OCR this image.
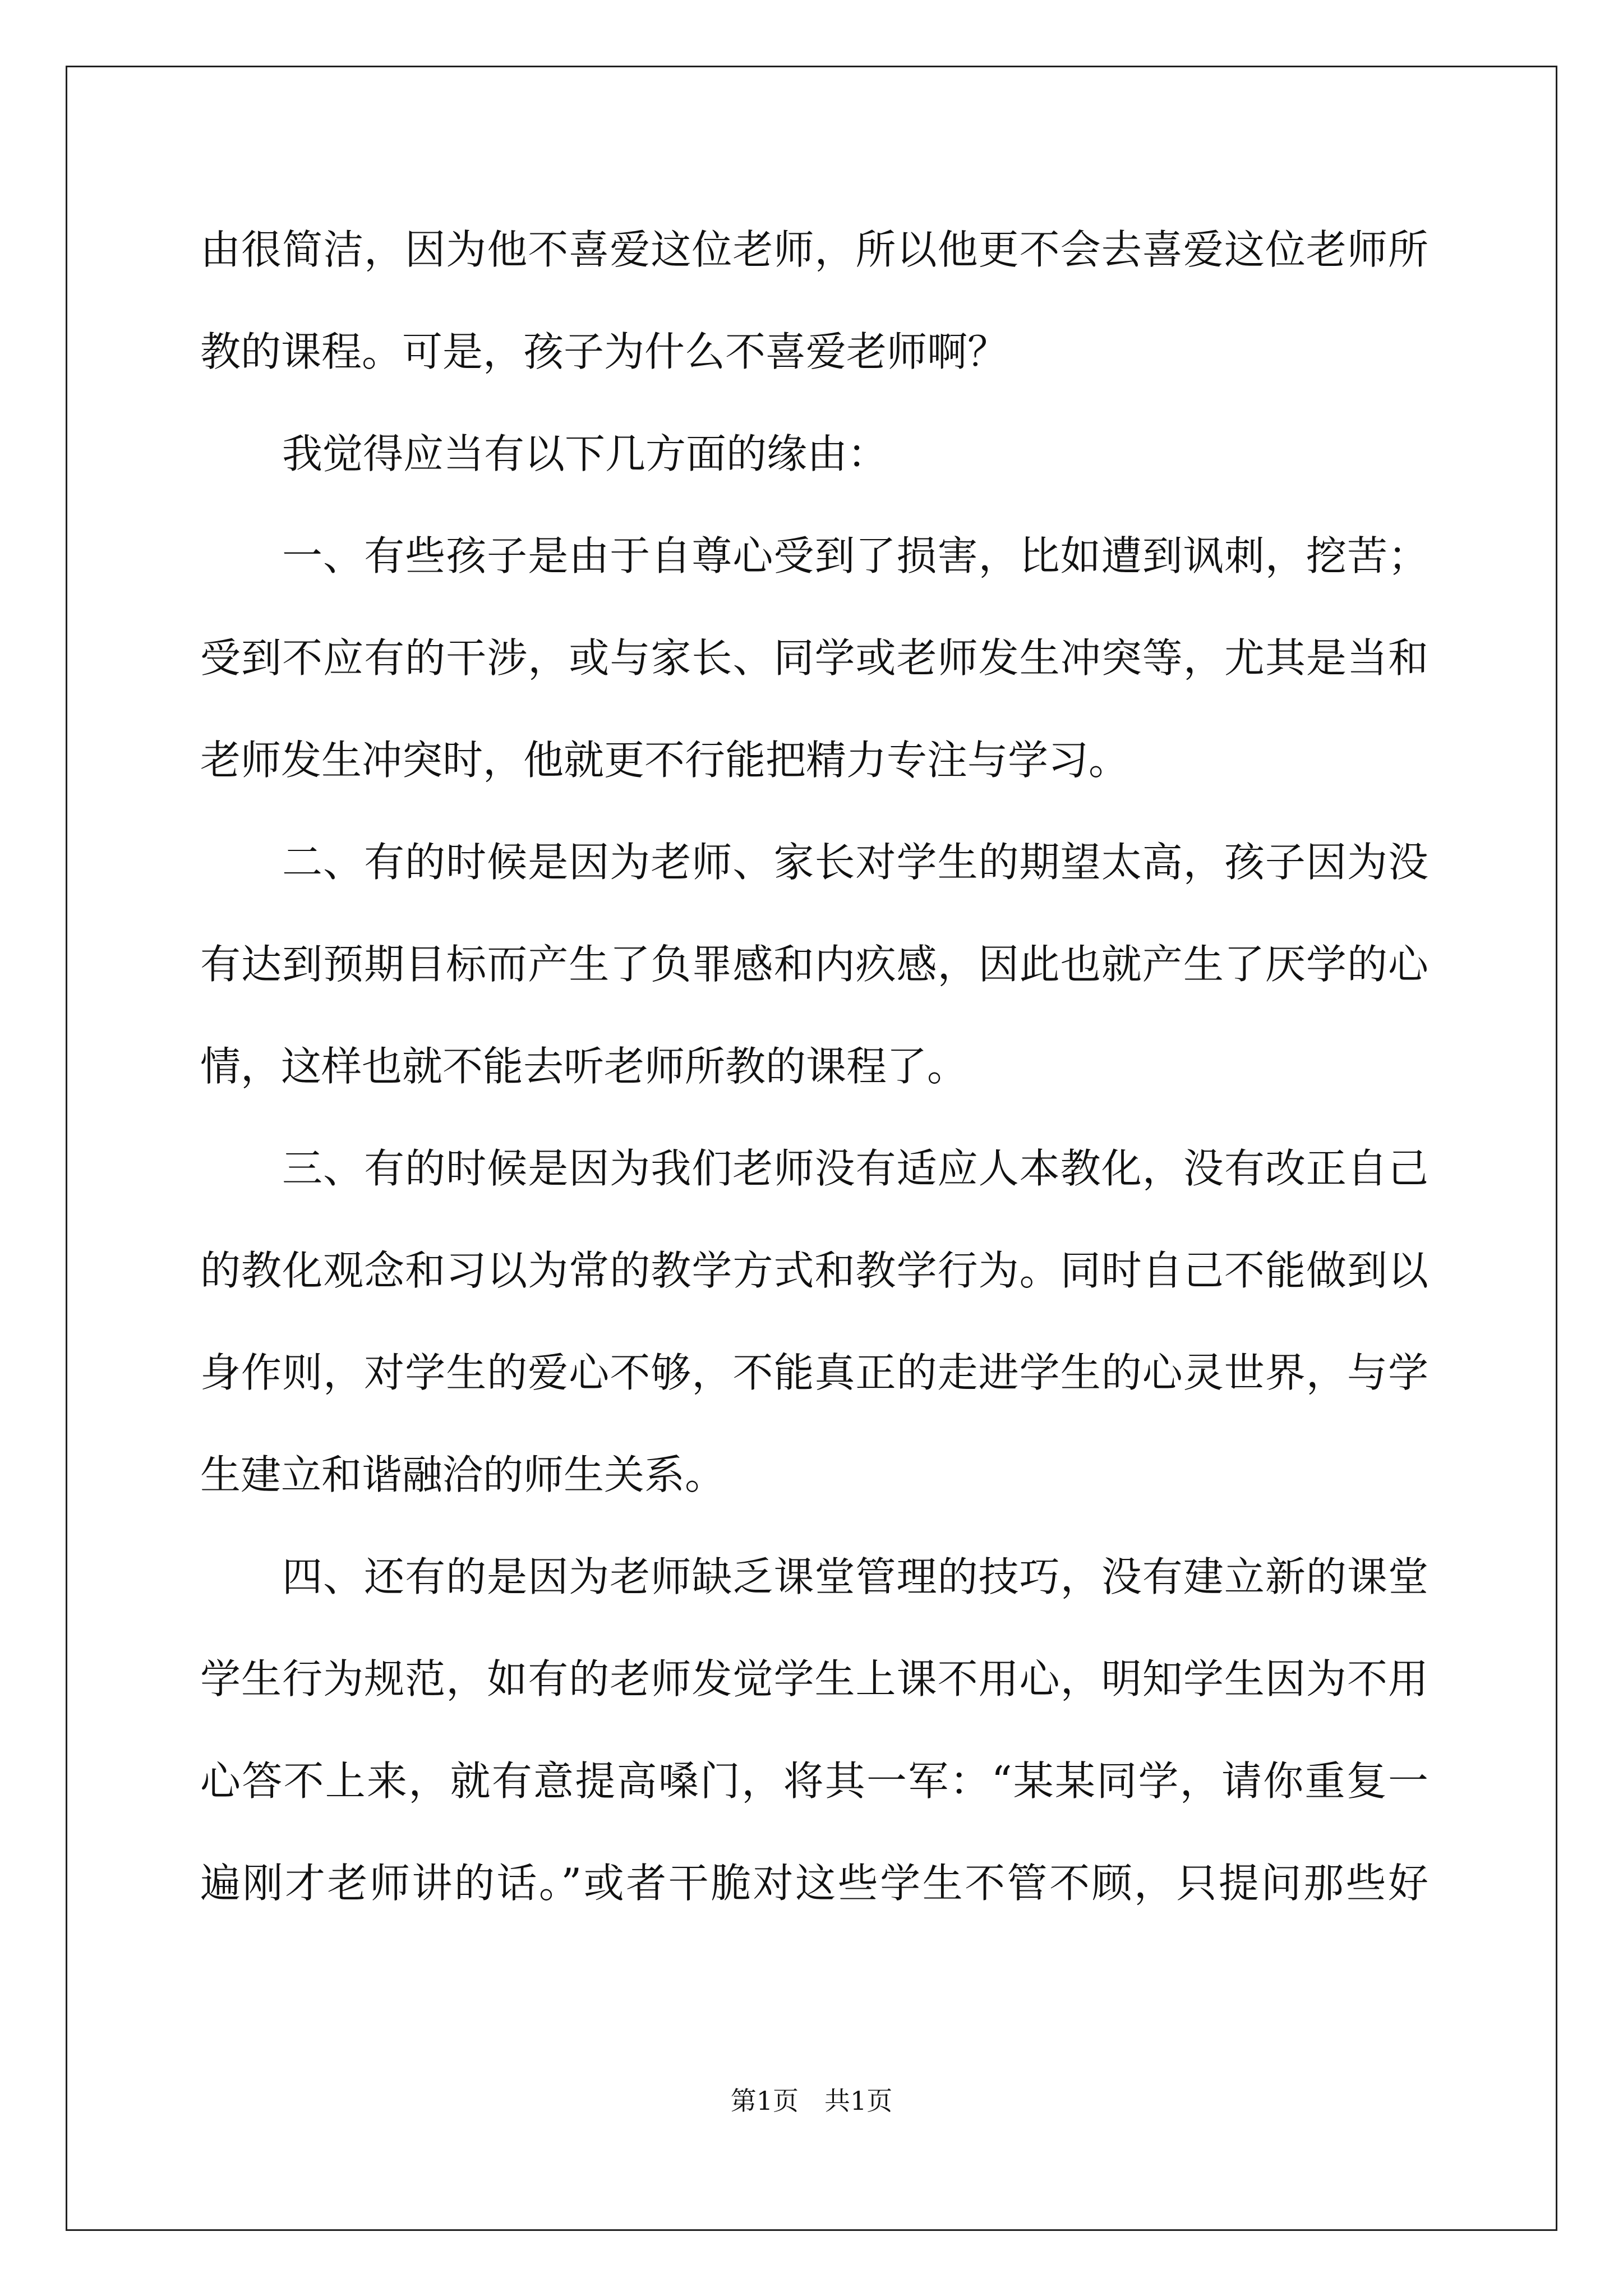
由很简洁，因为他不喜爱这位老师，所以他更不会去喜爱这位老师所
教的课程。可是，孩子为什么不喜爱老师啊？
我觉得应当有以下几方面的缘由：
一、有些孩子是由于自尊心受到了损害，比如遭到讽刺，挖苦；
受到不应有的干涉，或与家长、同学或老师发生冲突等，尤其是当和
老师发生冲突时，他就更不行能把精力专注与学习。
二、有的时候是因为老师、家长对学生的期望太高，孩子因为没
有达到预期目标而产生了负罪感和内疚感，因此也就产生了厌学的心
情，这样也就不能去听老师所教的课程了。
三、有的时候是因为我们老师没有适应人本教化，没有改正自己
的教化观念和习以为常的教学方式和教学行为。同时自己不能做到以
身作则，对学生的爱心不够，不能真正的走进学生的心灵世界，与学
生建立和谐融洽的师生关系。
四、还有的是因为老师缺乏课堂管理的技巧，没有建立新的课堂
学生行为规范，如有的老师发觉学生上课不用心，明知学生因为不用
心答不上来，就有意提高嗓门，将其一军：“某某同学，请你重复一
遍刚才老师讲的话。”或者干脆对这些学生不管不顾，只提问那些好
第1页 共1页
